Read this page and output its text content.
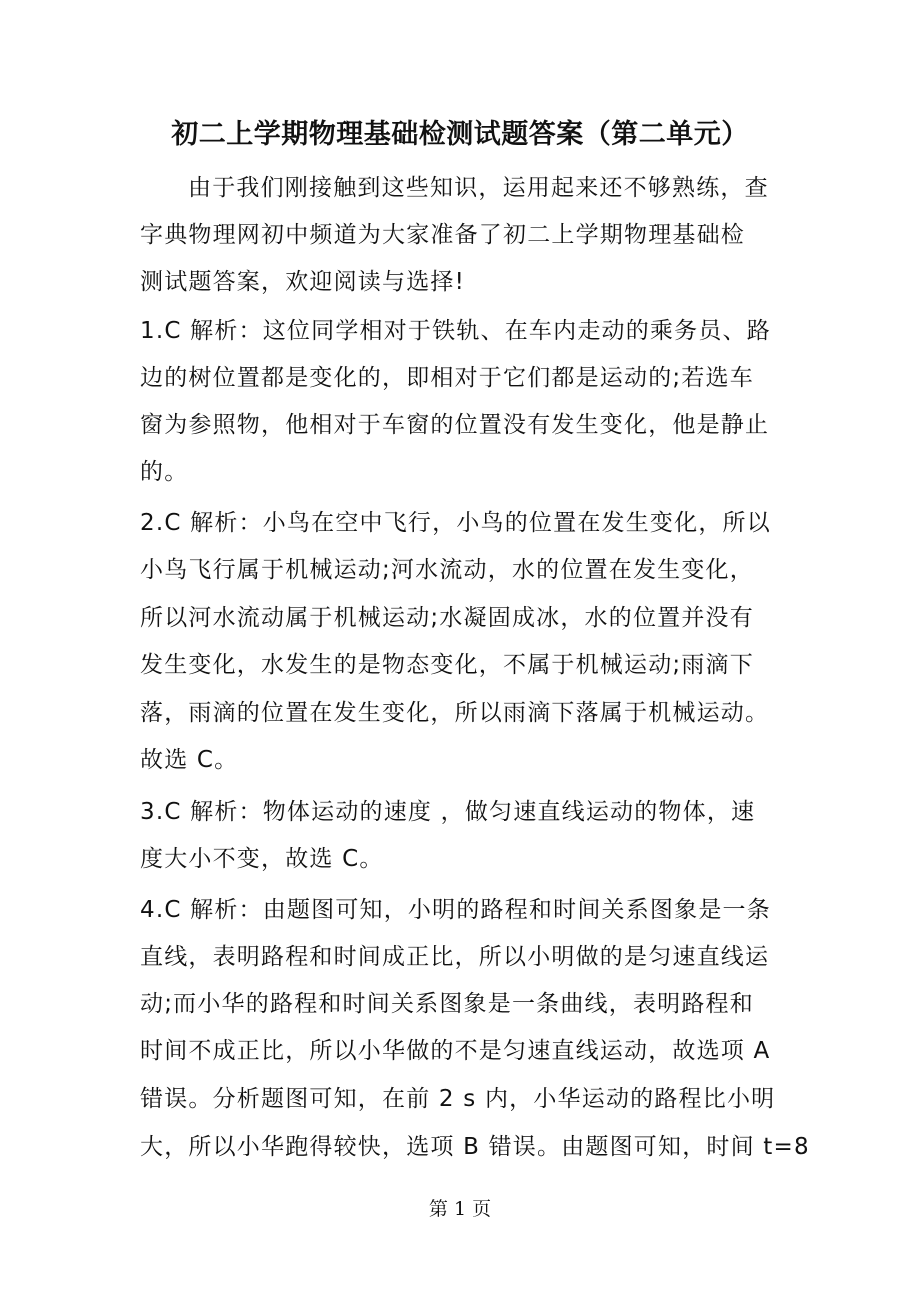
初二上学期物理基础检测试题答案（第二单元）
由于我们刚接触到这些知识，运用起来还不够熟练，查
字典物理网初中频道为大家准备了初二上学期物理基础检
测试题答案，欢迎阅读与选择!
1.C 解析：这位同学相对于铁轨、在车内走动的乘务员、路
边的树位置都是变化的，即相对于它们都是运动的;若选车
窗为参照物，他相对于车窗的位置没有发生变化，他是静止
的。
2.C 解析：小鸟在空中飞行，小鸟的位置在发生变化，所以
小鸟飞行属于机械运动;河水流动，水的位置在发生变化，
所以河水流动属于机械运动;水凝固成冰，水的位置并没有
发生变化，水发生的是物态变化，不属于机械运动;雨滴下
落，雨滴的位置在发生变化，所以雨滴下落属于机械运动。
故选 C。
3.C 解析：物体运动的速度 ，做匀速直线运动的物体，速
度大小不变，故选 C。
4.C 解析：由题图可知，小明的路程和时间关系图象是一条
直线，表明路程和时间成正比，所以小明做的是匀速直线运
动;而小华的路程和时间关系图象是一条曲线，表明路程和
时间不成正比，所以小华做的不是匀速直线运动，故选项 A
错误。分析题图可知，在前 2 s 内，小华运动的路程比小明
大，所以小华跑得较快，选项 B 错误。由题图可知，时间 t=8
第 1 页
